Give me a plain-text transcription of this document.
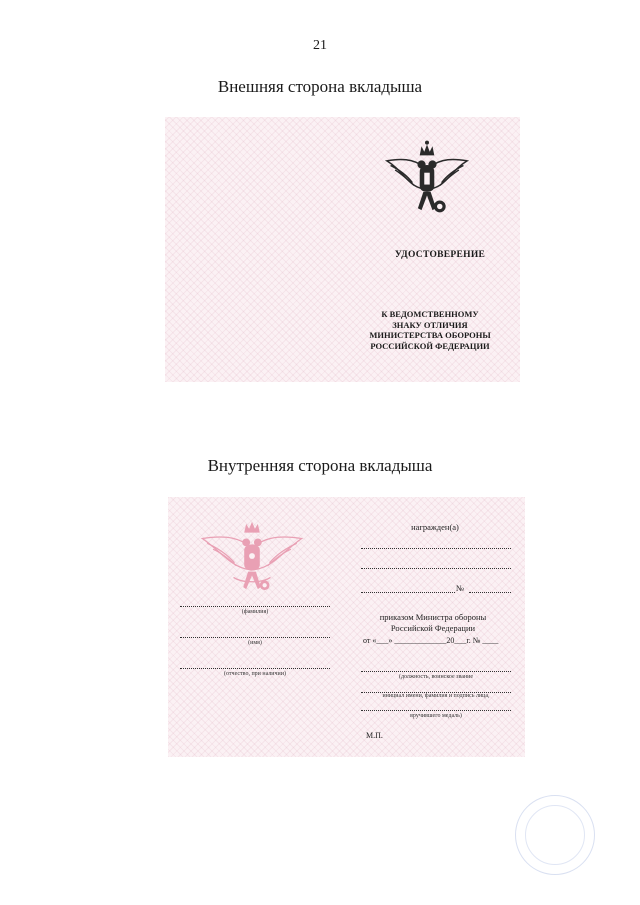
21
Внешняя сторона вкладыша
УДОСТОВЕРЕНИЕ
К ВЕДОМСТВЕННОМУ
ЗНАКУ ОТЛИЧИЯ
МИНИСТЕРСТВА ОБОРОНЫ
РОССИЙСКОЙ ФЕДЕРАЦИИ
Внутренняя сторона вкладыша
(фамилия)
(имя)
(отчество, при наличии)
награжден(а)
№
приказом Министра обороны
Российской Федерации
от «___» _____________20___г. № ____
(должность, воинское звание
инициал имени, фамилия и подпись лица,
вручившего медаль)
М.П.
